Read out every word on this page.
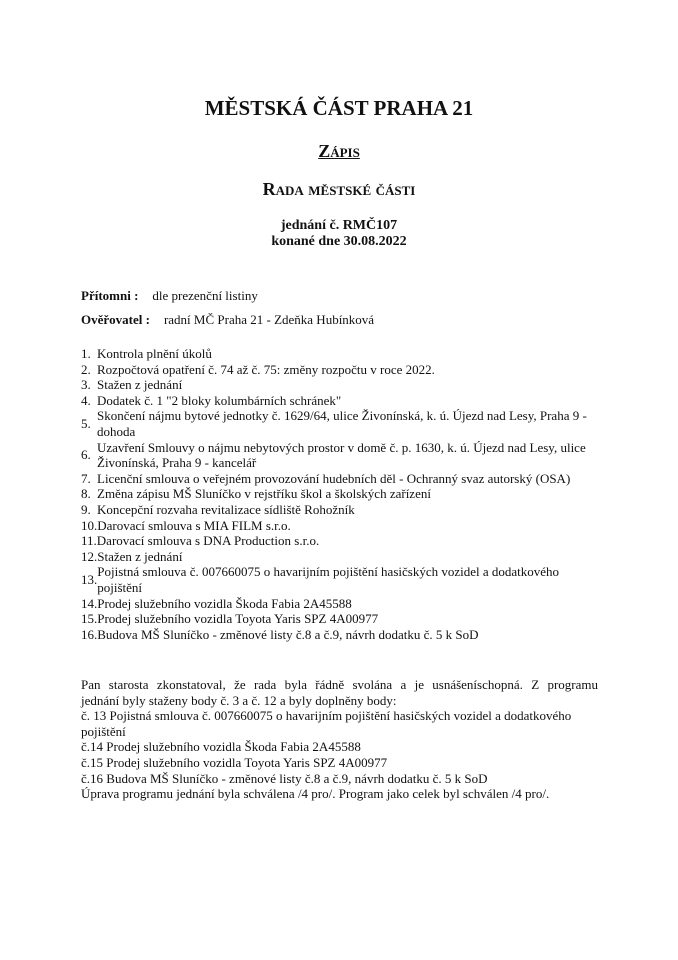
MĚSTSKÁ ČÁST PRAHA 21
Zápis
Rada městské části
jednání č. RMČ107
konané dne 30.08.2022
Přítomni : dle prezenční listiny
Ověřovatel : radní MČ Praha 21 - Zdeňka Hubínková
1. Kontrola plnění úkolů
2. Rozpočtová opatření č. 74 až č. 75: změny rozpočtu v roce 2022.
3. Stažen z jednání
4. Dodatek č. 1 "2 bloky kolumbárních schránek"
5.
Skončení nájmu bytové jednotky č. 1629/64, ulice Živonínská, k. ú. Újezd nad Lesy, Praha 9 - dohoda
6.
Uzavření Smlouvy o nájmu nebytových prostor v domě č. p. 1630, k. ú. Újezd nad Lesy, ulice Živonínská, Praha 9 - kancelář
7. Licenční smlouva o veřejném provozování hudebních děl - Ochranný svaz autorský (OSA)
8. Změna zápisu MŠ Sluníčko v rejstříku škol a školských zařízení
9. Koncepční rozvaha revitalizace sídliště Rohožník
10. Darovací smlouva s MIA FILM s.r.o.
11. Darovací smlouva s DNA Production s.r.o.
12. Stažen z jednání
13.
Pojistná smlouva č. 007660075 o havarijním pojištění hasičských vozidel a dodatkového pojištění
14. Prodej služebního vozidla Škoda Fabia 2A45588
15. Prodej služebního vozidla Toyota Yaris SPZ 4A00977
16. Budova MŠ Sluníčko - změnové listy č.8 a č.9, návrh dodatku č. 5 k SoD
Pan starosta zkonstatoval, že rada byla řádně svolána a je usnášeníschopná. Z programu
jednání byly staženy body č. 3 a č. 12 a byly doplněny body:
č. 13 Pojistná smlouva č. 007660075 o havarijním pojištění hasičských vozidel a dodatkového pojištění
č.14 Prodej služebního vozidla Škoda Fabia 2A45588
č.15 Prodej služebního vozidla Toyota Yaris SPZ 4A00977
č.16 Budova MŠ Sluníčko - změnové listy č.8 a č.9, návrh dodatku č. 5 k SoD
Úprava programu jednání byla schválena /4 pro/. Program jako celek byl schválen /4 pro/.
